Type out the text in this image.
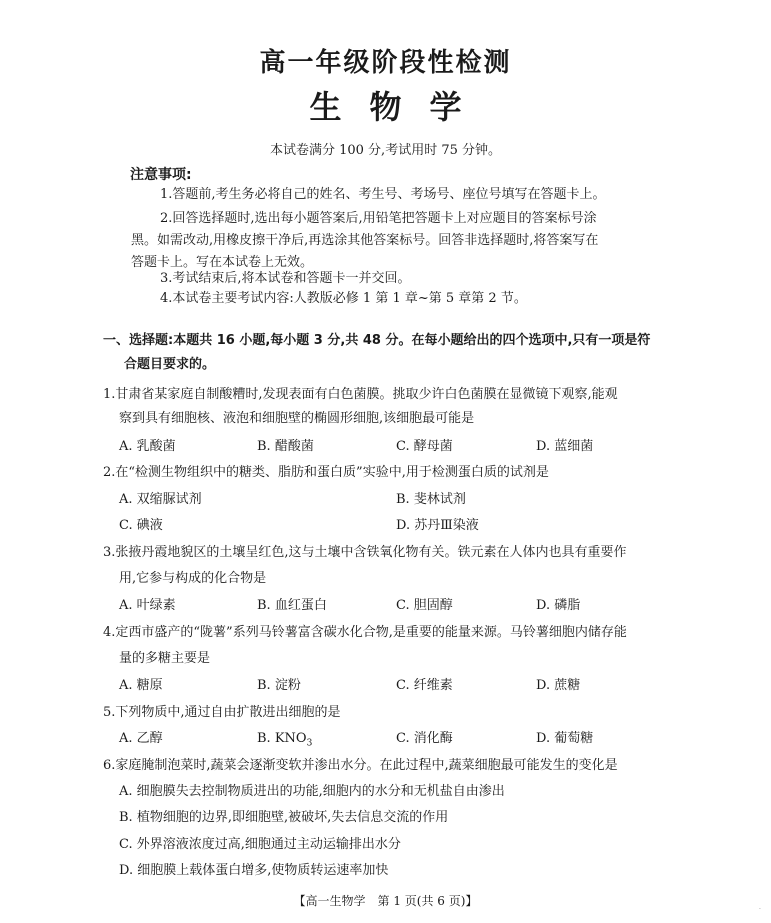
高一年级阶段性检测
生物学
本试卷满分 100 分,考试用时 75 分钟。
注意事项:
1.答题前,考生务必将自己的姓名、考生号、考场号、座位号填写在答题卡上。
2.回答选择题时,选出每小题答案后,用铅笔把答题卡上对应题目的答案标号涂
黑。如需改动,用橡皮擦干净后,再选涂其他答案标号。回答非选择题时,将答案写在
答题卡上。写在本试卷上无效。
3.考试结束后,将本试卷和答题卡一并交回。
4.本试卷主要考试内容:人教版必修 1 第 1 章~第 5 章第 2 节。
一、选择题:本题共 16 小题,每小题 3 分,共 48 分。在每小题给出的四个选项中,只有一项是符
合题目要求的。
1.甘肃省某家庭自制酸糟时,发现表面有白色菌膜。挑取少许白色菌膜在显微镜下观察,能观
察到具有细胞核、液泡和细胞壁的椭圆形细胞,该细胞最可能是
A. 乳酸菌	B. 醋酸菌	C. 酵母菌	D. 蓝细菌
2.在“检测生物组织中的糖类、脂肪和蛋白质”实验中,用于检测蛋白质的试剂是
A. 双缩脲试剂	B. 斐林试剂
C. 碘液	D. 苏丹Ⅲ染液
3.张掖丹霞地貌区的土壤呈红色,这与土壤中含铁氧化物有关。铁元素在人体内也具有重要作
用,它参与构成的化合物是
A. 叶绿素	B. 血红蛋白	C. 胆固醇	D. 磷脂
4.定西市盛产的“陇薯”系列马铃薯富含碳水化合物,是重要的能量来源。马铃薯细胞内储存能
量的多糖主要是
A. 糖原	B. 淀粉	C. 纤维素	D. 蔗糖
5.下列物质中,通过自由扩散进出细胞的是
A. 乙醇	B. $KNO_3$	C. 消化酶	D. 葡萄糖
6.家庭腌制泡菜时,蔬菜会逐渐变软并渗出水分。在此过程中,蔬菜细胞最可能发生的变化是
A. 细胞膜失去控制物质进出的功能,细胞内的水分和无机盐自由渗出
B. 植物细胞的边界,即细胞壁,被破坏,失去信息交流的作用
C. 外界溶液浓度过高,细胞通过主动运输排出水分
D. 细胞膜上载体蛋白增多,使物质转运速率加快
【高一生物学　第 1 页(共 6 页)】
·
